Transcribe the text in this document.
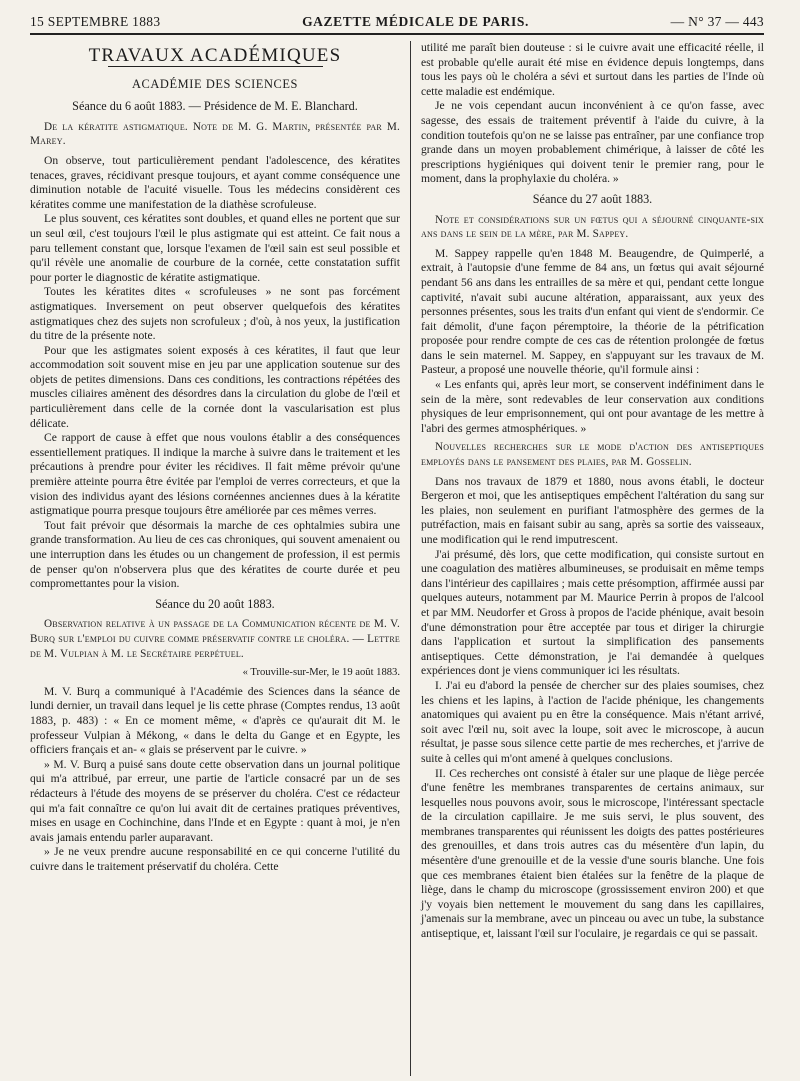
15 SEPTEMBRE 1883	GAZETTE MÉDICALE DE PARIS.	— N° 37 — 443
TRAVAUX ACADÉMIQUES
ACADÉMIE DES SCIENCES
Séance du 6 août 1883. — Présidence de M. E. Blanchard.
De la kératite astigmatique. Note de M. G. Martin, présentée par M. Marey.

On observe, tout particulièrement pendant l'adolescence, des kératites tenaces, graves, récidivant presque toujours, et ayant comme conséquence une diminution notable de l'acuité visuelle. Tous les médecins considèrent ces kératites comme une manifestation de la diathèse scrofuleuse.

Le plus souvent, ces kératites sont doubles, et quand elles ne portent que sur un seul œil, c'est toujours l'œil le plus astigmate qui est atteint. Ce fait nous a paru tellement constant que, lorsque l'examen de l'œil sain est seul possible et qu'il révèle une anomalie de courbure de la cornée, cette constatation suffit pour porter le diagnostic de kératite astigmatique.

Toutes les kératites dites « scrofuleuses » ne sont pas forcément astigmatiques. Inversement on peut observer quelquefois des kératites astigmatiques chez des sujets non scrofuleux ; d'où, à nos yeux, la justification du titre de la présente note.

Pour que les astigmates soient exposés à ces kératites, il faut que leur accommodation soit souvent mise en jeu par une application soutenue sur des objets de petites dimensions. Dans ces conditions, les contractions répétées des muscles ciliaires amènent des désordres dans la circulation du globe de l'œil et particulièrement dans celle de la cornée dont la vascularisation est plus délicate.

Ce rapport de cause à effet que nous voulons établir a des conséquences essentiellement pratiques. Il indique la marche à suivre dans le traitement et les précautions à prendre pour éviter les récidives. Il fait même prévoir qu'une première atteinte pourra être évitée par l'emploi de verres correcteurs, et que la vision des individus ayant des lésions cornéennes anciennes dues à la kératite astigmatique pourra presque toujours être améliorée par ces mêmes verres.

Tout fait prévoir que désormais la marche de ces ophtalmies subira une grande transformation. Au lieu de ces cas chroniques, qui souvent amenaient ou une interruption dans les études ou un changement de profession, il est permis de penser qu'on n'observera plus que des kératites de courte durée et peu compromettantes pour la vision.

Séance du 20 août 1883.
Observation relative à un passage de la Communication récente de M. V. Burq sur l'emploi du cuivre comme préservatif contre le choléra. — Lettre de M. Vulpian à M. le Secrétaire perpétuel.
« Trouville-sur-Mer, le 19 août 1883.

M. V. Burq a communiqué à l'Académie des Sciences dans la séance de lundi dernier, un travail dans lequel je lis cette phrase (Comptes rendus, 13 août 1883, p. 483) : « En ce moment même, « d'après ce qu'aurait dit M. le professeur Vulpian à Mékong, « dans le delta du Gange et en Egypte, les officiers français et an- « glais se préservent par le cuivre. »

» M. V. Burq a puisé sans doute cette observation dans un journal politique qui m'a attribué, par erreur, une partie de l'article consacré par un de ses rédacteurs à l'étude des moyens de se préserver du choléra. C'est ce rédacteur qui m'a fait connaître ce qu'on lui avait dit de certaines pratiques préventives, mises en usage en Cochinchine, dans l'Inde et en Egypte : quant à moi, je n'en avais jamais entendu parler auparavant.

» Je ne veux prendre aucune responsabilité en ce qui concerne l'utilité du cuivre dans le traitement préservatif du choléra. Cette

utilité me paraît bien douteuse : si le cuivre avait une efficacité réelle, il est probable qu'elle aurait été mise en évidence depuis longtemps, dans tous les pays où le choléra a sévi et surtout dans les parties de l'Inde où cette maladie est endémique.

Je ne vois cependant aucun inconvénient à ce qu'on fasse, avec sagesse, des essais de traitement préventif à l'aide du cuivre, à la condition toutefois qu'on ne se laisse pas entraîner, par une confiance trop grande dans un moyen probablement chimérique, à laisser de côté les prescriptions hygiéniques qui doivent tenir le premier rang, pour le moment, dans la prophylaxie du choléra. »

Séance du 27 août 1883.
Note et considérations sur un fœtus qui a séjourné cinquante-six ans dans le sein de la mère, par M. Sappey.

M. Sappey rappelle qu'en 1848 M. Beaugendre, de Quimperlé, a extrait, à l'autopsie d'une femme de 84 ans, un fœtus qui avait séjourné pendant 56 ans dans les entrailles de sa mère et qui, pendant cette longue captivité, n'avait subi aucune altération, apparaissant, aux yeux des personnes présentes, sous les traits d'un enfant qui vient de s'endormir. Ce fait démolit, d'une façon péremptoire, la théorie de la pétrification proposée pour rendre compte de ces cas de rétention prolongée de fœtus dans le sein maternel. M. Sappey, en s'appuyant sur les travaux de M. Pasteur, a proposé une nouvelle théorie, qu'il formule ainsi :

« Les enfants qui, après leur mort, se conservent indéfiniment dans le sein de la mère, sont redevables de leur conservation aux conditions physiques de leur emprisonnement, qui ont pour avantage de les mettre à l'abri des germes atmosphériques. »

Nouvelles recherches sur le mode d'action des antiseptiques employés dans le pansement des plaies, par M. Gosselin.

Dans nos travaux de 1879 et 1880, nous avons établi, le docteur Bergeron et moi, que les antiseptiques empêchent l'altération du sang sur les plaies, non seulement en purifiant l'atmosphère des germes de la putréfaction, mais en faisant subir au sang, après sa sortie des vaisseaux, une modification qui le rend imputrescent.

J'ai présumé, dès lors, que cette modification, qui consiste surtout en une coagulation des matières albumineuses, se produisait en même temps dans l'intérieur des capillaires ; mais cette présomption, affirmée aussi par quelques auteurs, notamment par M. Maurice Perrin à propos de l'alcool et par MM. Neudorfer et Gross à propos de l'acide phénique, avait besoin d'une démonstration pour être acceptée par tous et diriger la chirurgie dans l'application et surtout la simplification des pansements antiseptiques. Cette démonstration, je l'ai demandée à quelques expériences dont je viens communiquer ici les résultats.

I. J'ai eu d'abord la pensée de chercher sur des plaies soumises, chez les chiens et les lapins, à l'action de l'acide phénique, les changements anatomiques qui avaient pu en être la conséquence. Mais n'étant arrivé, soit avec l'œil nu, soit avec la loupe, soit avec le microscope, à aucun résultat, je passe sous silence cette partie de mes recherches, et j'arrive de suite à celles qui m'ont amené à quelques conclusions.

II. Ces recherches ont consisté à étaler sur une plaque de liège percée d'une fenêtre les membranes transparentes de certains animaux, sur lesquelles nous pouvons avoir, sous le microscope, l'intéressant spectacle de la circulation capillaire. Je me suis servi, le plus souvent, des membranes transparentes qui réunissent les doigts des pattes postérieures des grenouilles, et dans trois autres cas du mésentère d'un lapin, du mésentère d'une grenouille et de la vessie d'une souris blanche. Une fois que ces membranes étaient bien étalées sur la fenêtre de la plaque de liège, dans le champ du microscope (grossissement environ 200) et que j'y voyais bien nettement le mouvement du sang dans les capillaires, j'amenais sur la membrane, avec un pinceau ou avec un tube, la substance antiseptique, et, laissant l'œil sur l'oculaire, je regardais ce qui se passait.
